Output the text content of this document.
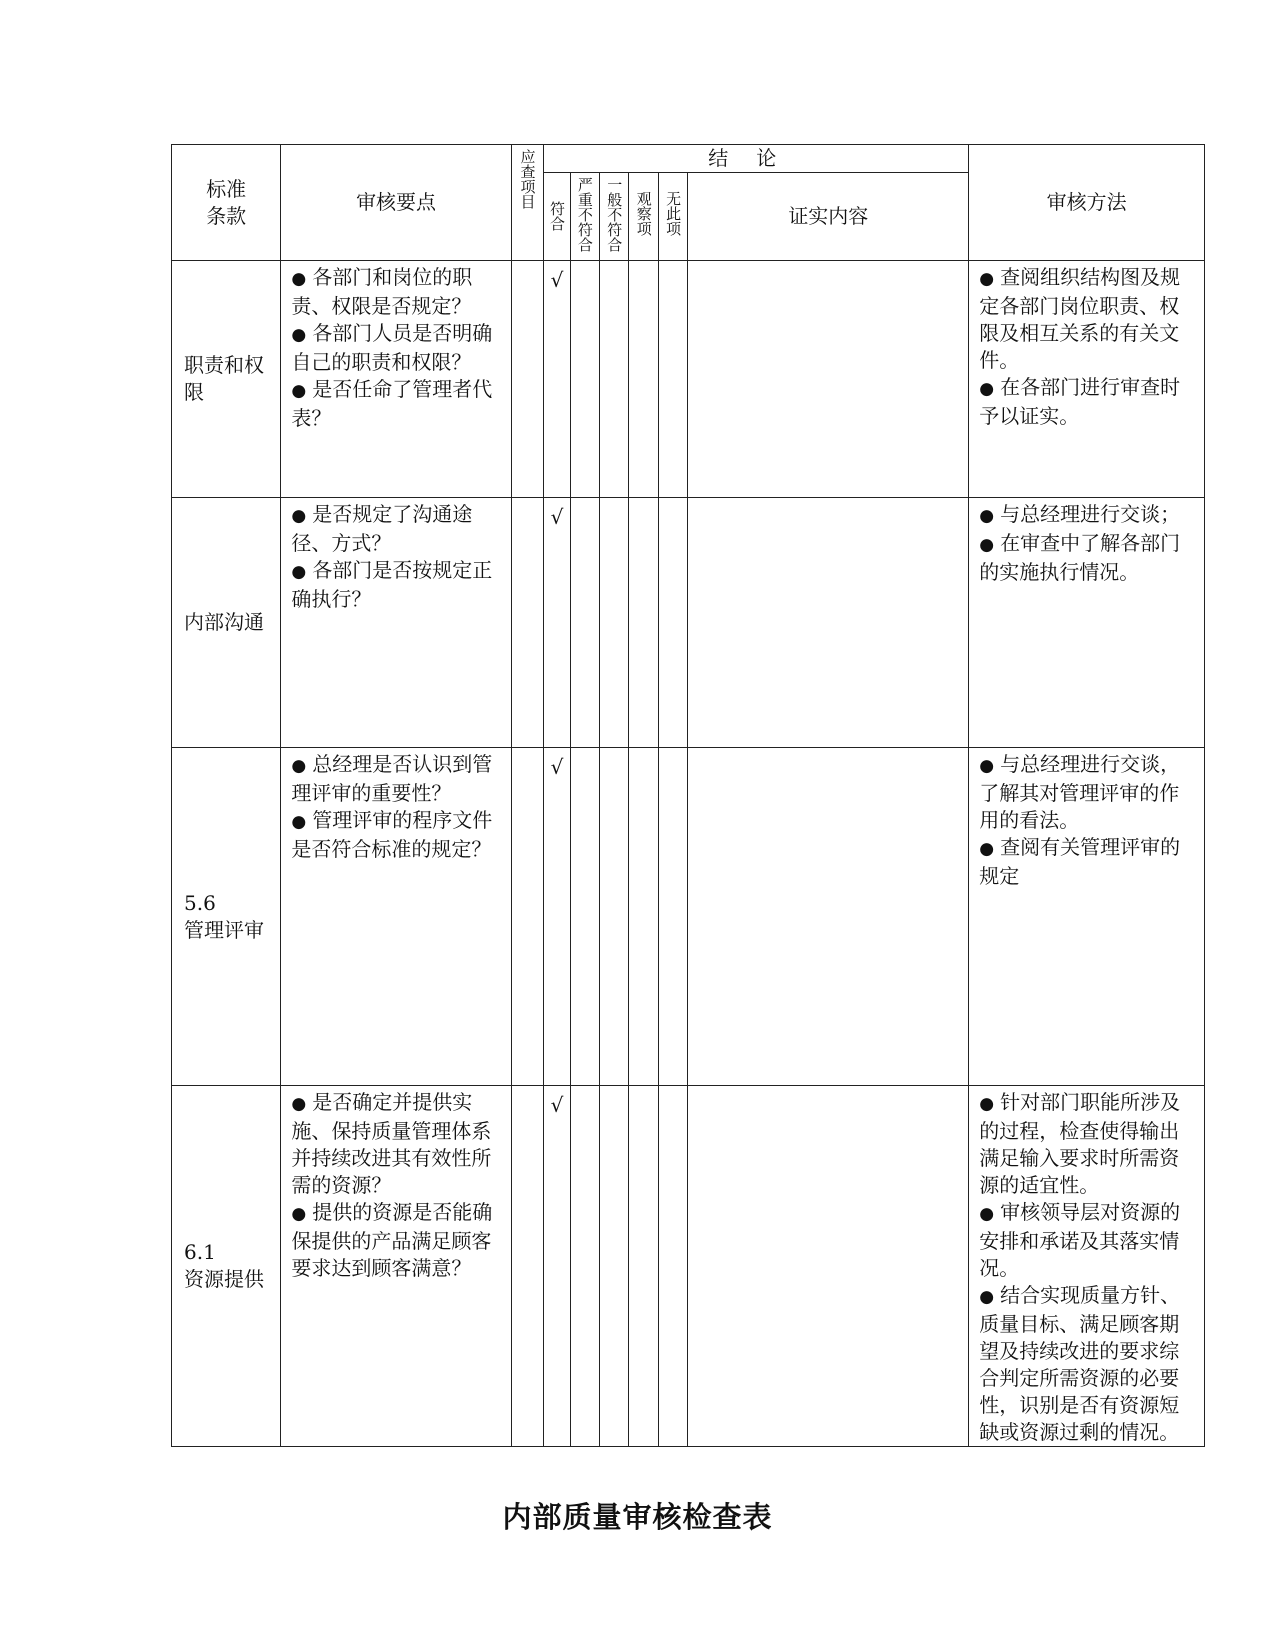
标准
条款	审核要点	应查项目	结论						审核方法

			符合	严重不符合	一般不符合	观察项	无此项	证实内容	
职责和权限	● 各部门和岗位的职责、权限是否规定？
● 各部门人员是否明确自己的职责和权限？
● 是否任命了管理者代表？		√						● 查阅组织结构图及规定各部门岗位职责、权限及相互关系的有关文件。
● 在各部门进行审查时予以证实。

内部沟通	● 是否规定了沟通途径、方式？
● 各部门是否按规定正确执行？		√						● 与总经理进行交谈；
● 在审查中了解各部门的实施执行情况。

5.6
管理评审	● 总经理是否认识到管理评审的重要性？
● 管理评审的程序文件是否符合标准的规定？		√						● 与总经理进行交谈，了解其对管理评审的作用的看法。
● 查阅有关管理评审的规定

6.1
资源提供	● 是否确定并提供实施、保持质量管理体系并持续改进其有效性所需的资源？
● 提供的资源是否能确保提供的产品满足顾客要求达到顾客满意？		√						● 针对部门职能所涉及的过程，检查使得输出满足输入要求时所需资源的适宜性。
● 审核领导层对资源的安排和承诺及其落实情况。
● 结合实现质量方针、质量目标、满足顾客期望及持续改进的要求综合判定所需资源的必要性，识别是否有资源短缺或资源过剩的情况。
内部质量审核检查表
